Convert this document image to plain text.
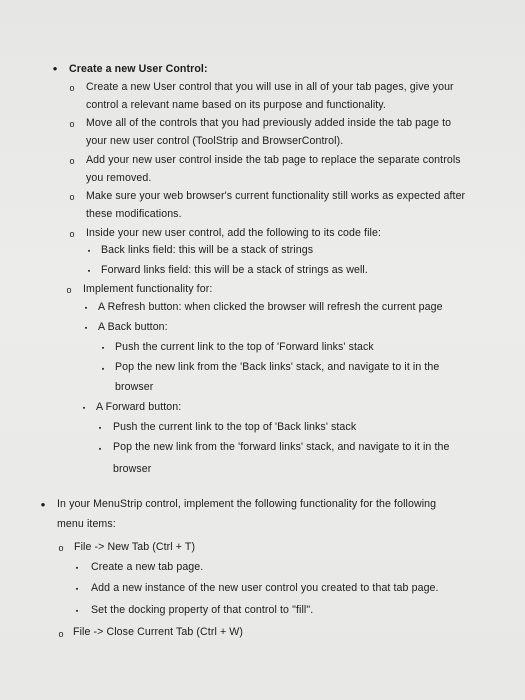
• Create a new User Control:
o Create a new User control that you will use in all of your tab pages, give your
control a relevant name based on its purpose and functionality.
o Move all of the controls that you had previously added inside the tab page to
your new user control (ToolStrip and BrowserControl).
o Add your new user control inside the tab page to replace the separate controls
you removed.
o Make sure your web browser's current functionality still works as expected after
these modifications.
o Inside your new user control, add the following to its code file:
▪ Back links field: this will be a stack of strings
▪ Forward links field: this will be a stack of strings as well.
o Implement functionality for:
▪ A Refresh button: when clicked the browser will refresh the current page
▪ A Back button:
▪ Push the current link to the top of 'Forward links' stack
▪ Pop the new link from the 'Back links' stack, and navigate to it in the
browser
▪ A Forward button:
▪ Push the current link to the top of 'Back links' stack
▪ Pop the new link from the 'forward links' stack, and navigate to it in the
browser
• In your MenuStrip control, implement the following functionality for the following
menu items:
o File -> New Tab (Ctrl + T)
▪ Create a new tab page.
▪ Add a new instance of the new user control you created to that tab page.
▪ Set the docking property of that control to "fill".
o File -> Close Current Tab (Ctrl + W)
